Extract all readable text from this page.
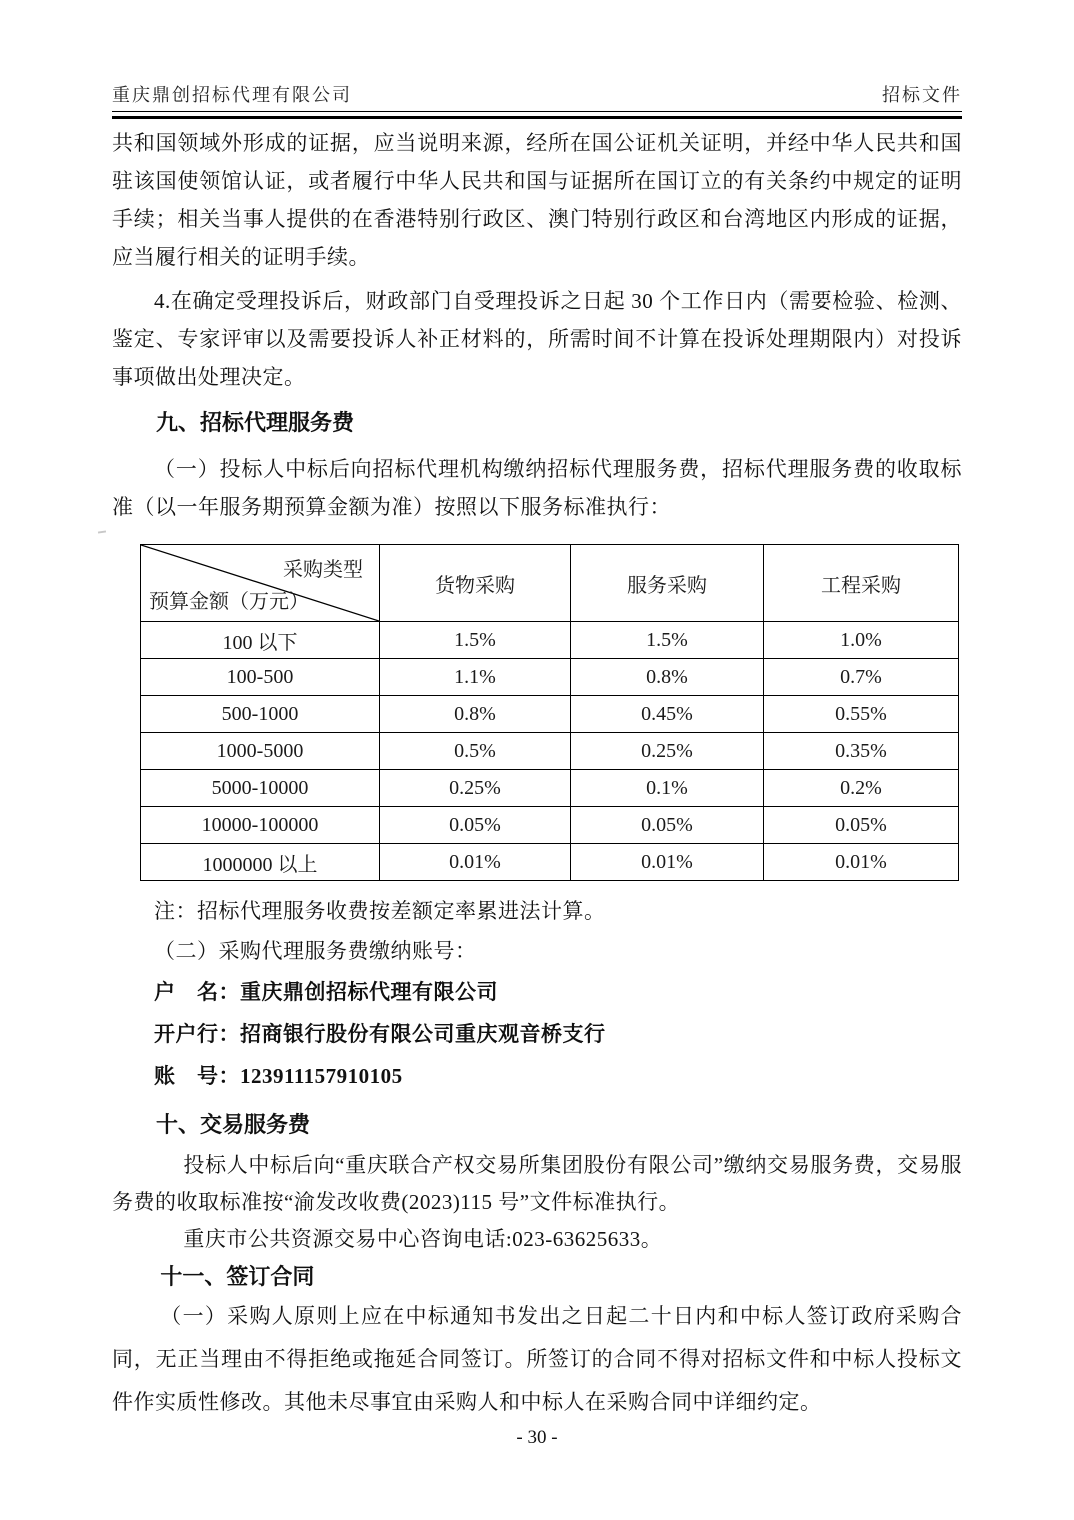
重庆鼎创招标代理有限公司	招标文件

共和国领域外形成的证据，应当说明来源，经所在国公证机关证明，并经中华人民共和国驻该国使领馆认证，或者履行中华人民共和国与证据所在国订立的有关条约中规定的证明手续；相关当事人提供的在香港特别行政区、澳门特别行政区和台湾地区内形成的证据，应当履行相关的证明手续。

4.在确定受理投诉后，财政部门自受理投诉之日起 30 个工作日内（需要检验、检测、鉴定、专家评审以及需要投诉人补正材料的，所需时间不计算在投诉处理期限内）对投诉事项做出处理决定。

九、招标代理服务费

（一）投标人中标后向招标代理机构缴纳招标代理服务费，招标代理服务费的收取标准（以一年服务期预算金额为准）按照以下服务标准执行：

采购类型
预算金额（万元）	货物采购	服务采购	工程采购
100 以下	1.5%	1.5%	1.0%
100-500	1.1%	0.8%	0.7%
500-1000	0.8%	0.45%	0.55%
1000-5000	0.5%	0.25%	0.35%
5000-10000	0.25%	0.1%	0.2%
10000-100000	0.05%	0.05%	0.05%
1000000 以上	0.01%	0.01%	0.01%

注：招标代理服务收费按差额定率累进法计算。

（二）采购代理服务费缴纳账号：

户　名：重庆鼎创招标代理有限公司

开户行：招商银行股份有限公司重庆观音桥支行

账　号：123911157910105

十、交易服务费

投标人中标后向“重庆联合产权交易所集团股份有限公司”缴纳交易服务费，交易服务费的收取标准按“渝发改收费(2023)115 号”文件标准执行。

重庆市公共资源交易中心咨询电话:023-63625633。

十一、签订合同

（一）采购人原则上应在中标通知书发出之日起二十日内和中标人签订政府采购合同，无正当理由不得拒绝或拖延合同签订。所签订的合同不得对招标文件和中标人投标文件作实质性修改。其他未尽事宜由采购人和中标人在采购合同中详细约定。

- 30 -
